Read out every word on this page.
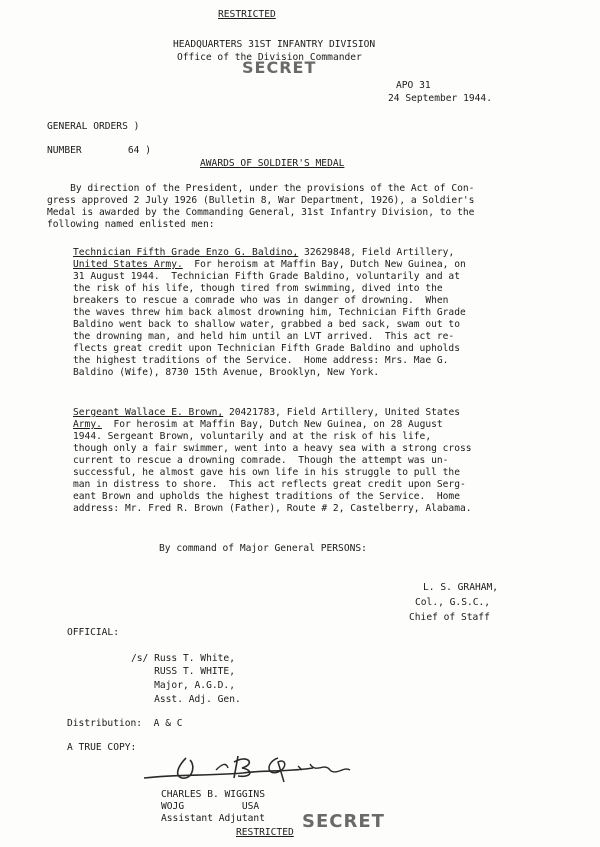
RESTRICTED
HEADQUARTERS 31ST INFANTRY DIVISION
Office of the Division Commander
SECRET
APO 31
24 September 1944.
GENERAL ORDERS )
NUMBER        64 )
AWARDS OF SOLDIER'S MEDAL
By direction of the President, under the provisions of the Act of Con-
gress approved 2 July 1926 (Bulletin 8, War Department, 1926), a Soldier's
Medal is awarded by the Commanding General, 31st Infantry Division, to the
following named enlisted men:
Technician Fifth Grade Enzo G. Baldino, 32629848, Field Artillery,
United States Army.  For heroism at Maffin Bay, Dutch New Guinea, on
31 August 1944.  Technician Fifth Grade Baldino, voluntarily and at
the risk of his life, though tired from swimming, dived into the
breakers to rescue a comrade who was in danger of drowning.  When
the waves threw him back almost drowning him, Technician Fifth Grade
Baldino went back to shallow water, grabbed a bed sack, swam out to
the drowning man, and held him until an LVT arrived.  This act re-
flects great credit upon Technician Fifth Grade Baldino and upholds
the highest traditions of the Service.  Home address: Mrs. Mae G.
Baldino (Wife), 8730 15th Avenue, Brooklyn, New York.
Sergeant Wallace E. Brown, 20421783, Field Artillery, United States
Army.  For herosim at Maffin Bay, Dutch New Guinea, on 28 August
1944. Sergeant Brown, voluntarily and at the risk of his life,
though only a fair swimmer, went into a heavy sea with a strong cross
current to rescue a drowning comrade.  Though the attempt was un-
successful, he almost gave his own life in his struggle to pull the
man in distress to shore.  This act reflects great credit upon Serg-
eant Brown and upholds the highest traditions of the Service.  Home
address: Mr. Fred R. Brown (Father), Route # 2, Castelberry, Alabama.
By command of Major General PERSONS:
L. S. GRAHAM,
Col., G.S.C.,
Chief of Staff
OFFICIAL:
/s/ Russ T. White,
RUSS T. WHITE,
Major, A.G.D.,
Asst. Adj. Gen.
Distribution:  A & C
A TRUE COPY:
CHARLES B. WIGGINS
WOJG          USA
Assistant Adjutant
RESTRICTED
SECRET
